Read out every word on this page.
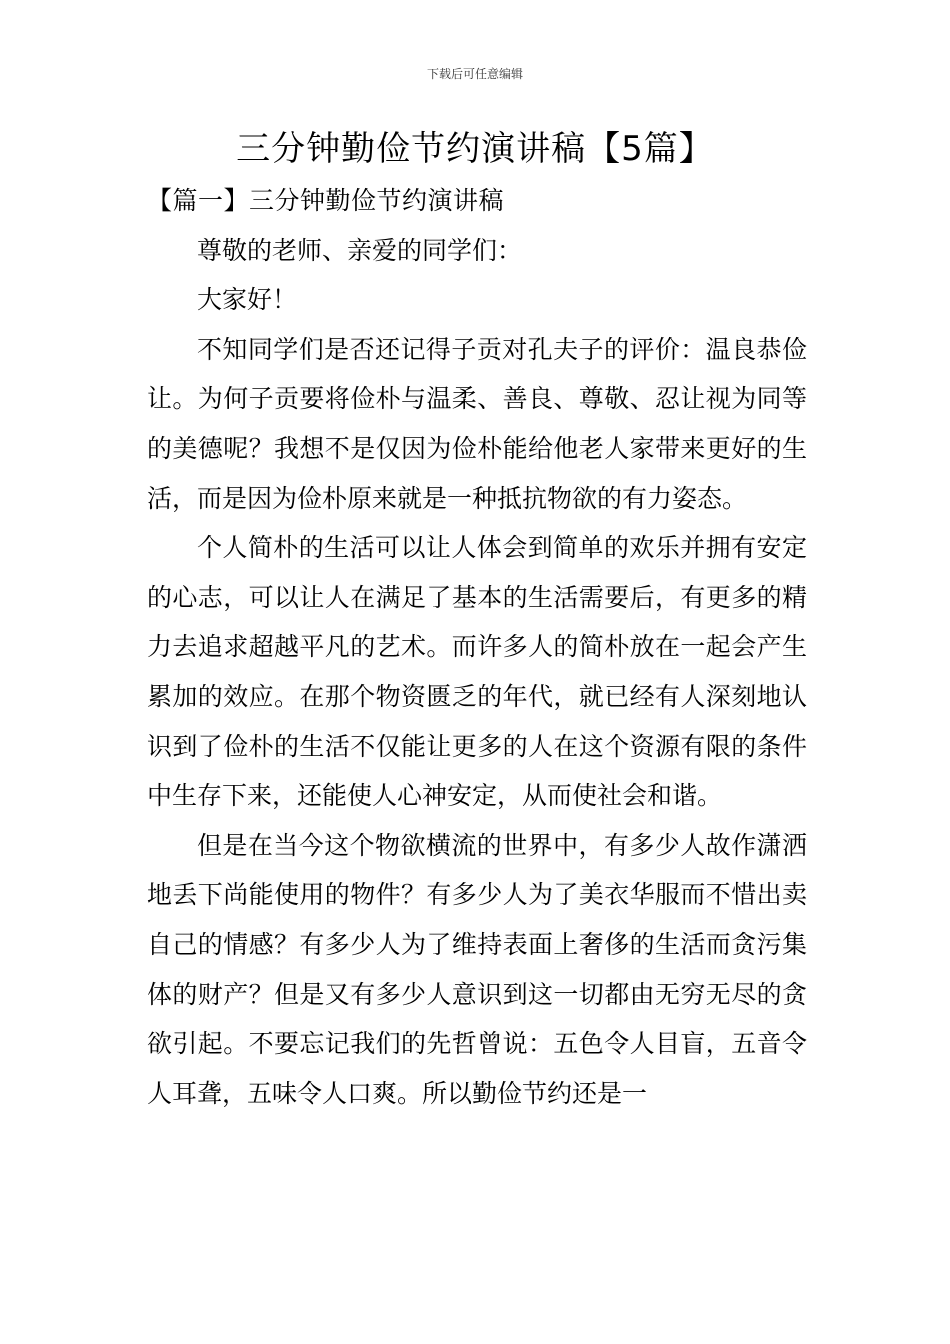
下载后可任意编辑
三分钟勤俭节约演讲稿【5篇】

【篇一】三分钟勤俭节约演讲稿

尊敬的老师、亲爱的同学们：

大家好！

不知同学们是否还记得子贡对孔夫子的评价：温良恭俭让。为何子贡要将俭朴与温柔、善良、尊敬、忍让视为同等的美德呢？我想不是仅因为俭朴能给他老人家带来更好的生活，而是因为俭朴原来就是一种抵抗物欲的有力姿态。

个人简朴的生活可以让人体会到简单的欢乐并拥有安定的心志，可以让人在满足了基本的生活需要后，有更多的精力去追求超越平凡的艺术。而许多人的简朴放在一起会产生累加的效应。在那个物资匮乏的年代，就已经有人深刻地认识到了俭朴的生活不仅能让更多的人在这个资源有限的条件中生存下来，还能使人心神安定，从而使社会和谐。

但是在当今这个物欲横流的世界中，有多少人故作潇洒地丢下尚能使用的物件？有多少人为了美衣华服而不惜出卖自己的情感？有多少人为了维持表面上奢侈的生活而贪污集体的财产？但是又有多少人意识到这一切都由无穷无尽的贪欲引起。不要忘记我们的先哲曾说：五色令人目盲，五音令人耳聋，五味令人口爽。所以勤俭节约还是一
